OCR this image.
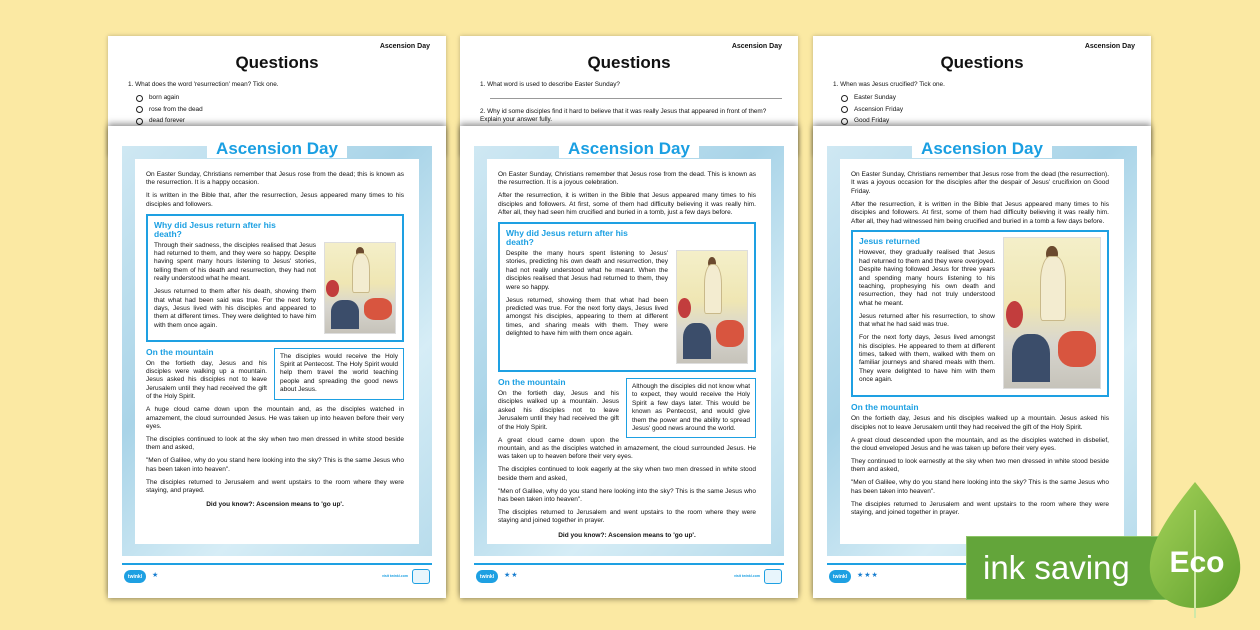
Ascension Day
Questions
1. What does the word 'resurrection' mean? Tick one.
born again
rose from the dead
dead forever
Ascension Day

On Easter Sunday, Christians remember that Jesus rose from the dead; this is known as the resurrection. It is a happy occasion.

It is written in the Bible that, after the resurrection, Jesus appeared many times to his disciples and followers.

Why did Jesus return after his death?

Through their sadness, the disciples realised that Jesus had returned to them, and they were so happy. Despite having spent many hours listening to Jesus' stories, telling them of his death and resurrection, they had not really understood what he meant.

Jesus returned to them after his death, showing them that what had been said was true. For the next forty days, Jesus lived with his disciples and appeared to them at different times. They were delighted to have him with them once again.

The disciples would receive the Holy Spirit at Pentecost. The Holy Spirit would help them travel the world teaching people and spreading the good news about Jesus.
On the mountain

On the fortieth day, Jesus and his disciples were walking up a mountain. Jesus asked his disciples not to leave Jerusalem until they had received the gift of the Holy Spirit.

A huge cloud came down upon the mountain and, as the disciples watched in amazement, the cloud surrounded Jesus. He was taken up into heaven before their very eyes.

The disciples continued to look at the sky when two men dressed in white stood beside them and asked,

"Men of Galilee, why do you stand here looking into the sky? This is the same Jesus who has been taken into heaven".

The disciples returned to Jerusalem and went upstairs to the room where they were staying, and prayed.

Did you know?: Ascension means to 'go up'.
twinkl	★	visit twinkl.com
Ascension Day
Questions
1. What word is used to describe Easter Sunday?
2. Why id some disciples find it hard to believe that it was really Jesus that appeared in front of them? Explain your answer fully.
Ascension Day

On Easter Sunday, Christians remember that Jesus rose from the dead. This is known as the resurrection. It is a joyous celebration.

After the resurrection, it is written in the Bible that Jesus appeared many times to his disciples and followers. At first, some of them had difficulty believing it was really him. After all, they had seen him crucified and buried in a tomb, just a few days before.

Why did Jesus return after his death?

Despite the many hours spent listening to Jesus' stories, predicting his own death and resurrection, they had not really understood what he meant. When the disciples realised that Jesus had returned to them, they were so happy.

Jesus returned, showing them that what had been predicted was true. For the next forty days, Jesus lived amongst his disciples, appearing to them at different times, and sharing meals with them. They were delighted to have him with them once again.

Although the disciples did not know what to expect, they would receive the Holy Spirit a few days later. This would be known as Pentecost, and would give them the power and the ability to spread Jesus' good news around the world.
On the mountain

On the fortieth day, Jesus and his disciples walked up a mountain. Jesus asked his disciples not to leave Jerusalem until they had received the gift of the Holy Spirit.

A great cloud came down upon the mountain, and as the disciples watched in amazement, the cloud surrounded Jesus. He was taken up to heaven before their very eyes.

The disciples continued to look eagerly at the sky when two men dressed in white stood beside them and asked,

"Men of Galilee, why do you stand here looking into the sky? This is the same Jesus who has been taken into heaven".

The disciples returned to Jerusalem and went upstairs to the room where they were staying and joined together in prayer.

Did you know?: Ascension means to 'go up'.
twinkl	★★	visit twinkl.com
Ascension Day
Questions
1. When was Jesus crucified? Tick one.
Easter Sunday
Ascension Friday
Good Friday
Ascension Day

On Easter Sunday, Christians remember that Jesus rose from the dead (the resurrection). It was a joyous occasion for the disciples after the despair of Jesus' crucifixion on Good Friday.

After the resurrection, it is written in the Bible that Jesus appeared many times to his disciples and followers. At first, some of them had difficulty believing it was really him. After all, they had witnessed him being crucified and buried in a tomb a few days before.

Jesus returned

However, they gradually realised that Jesus had returned to them and they were overjoyed. Despite having followed Jesus for three years and spending many hours listening to his teaching, prophesying his own death and resurrection, they had not truly understood what he meant.

Jesus returned after his resurrection, to show that what he had said was true.

For the next forty days, Jesus lived amongst his disciples. He appeared to them at different times, talked with them, walked with them on familiar journeys and shared meals with them. They were delighted to have him with them once again.

On the mountain

On the fortieth day, Jesus and his disciples walked up a mountain. Jesus asked his disciples not to leave Jerusalem until they had received the gift of the Holy Spirit.

A great cloud descended upon the mountain, and as the disciples watched in disbelief, the cloud enveloped Jesus and he was taken up before their very eyes.

They continued to look earnestly at the sky when two men dressed in white stood beside them and asked,

"Men of Galilee, why do you stand here looking into the sky? This is the same Jesus who has been taken into heaven".

The disciples returned to Jerusalem and went upstairs to the room where they were staying, and joined together in prayer.

twinkl	★★★	ink saving Eco
